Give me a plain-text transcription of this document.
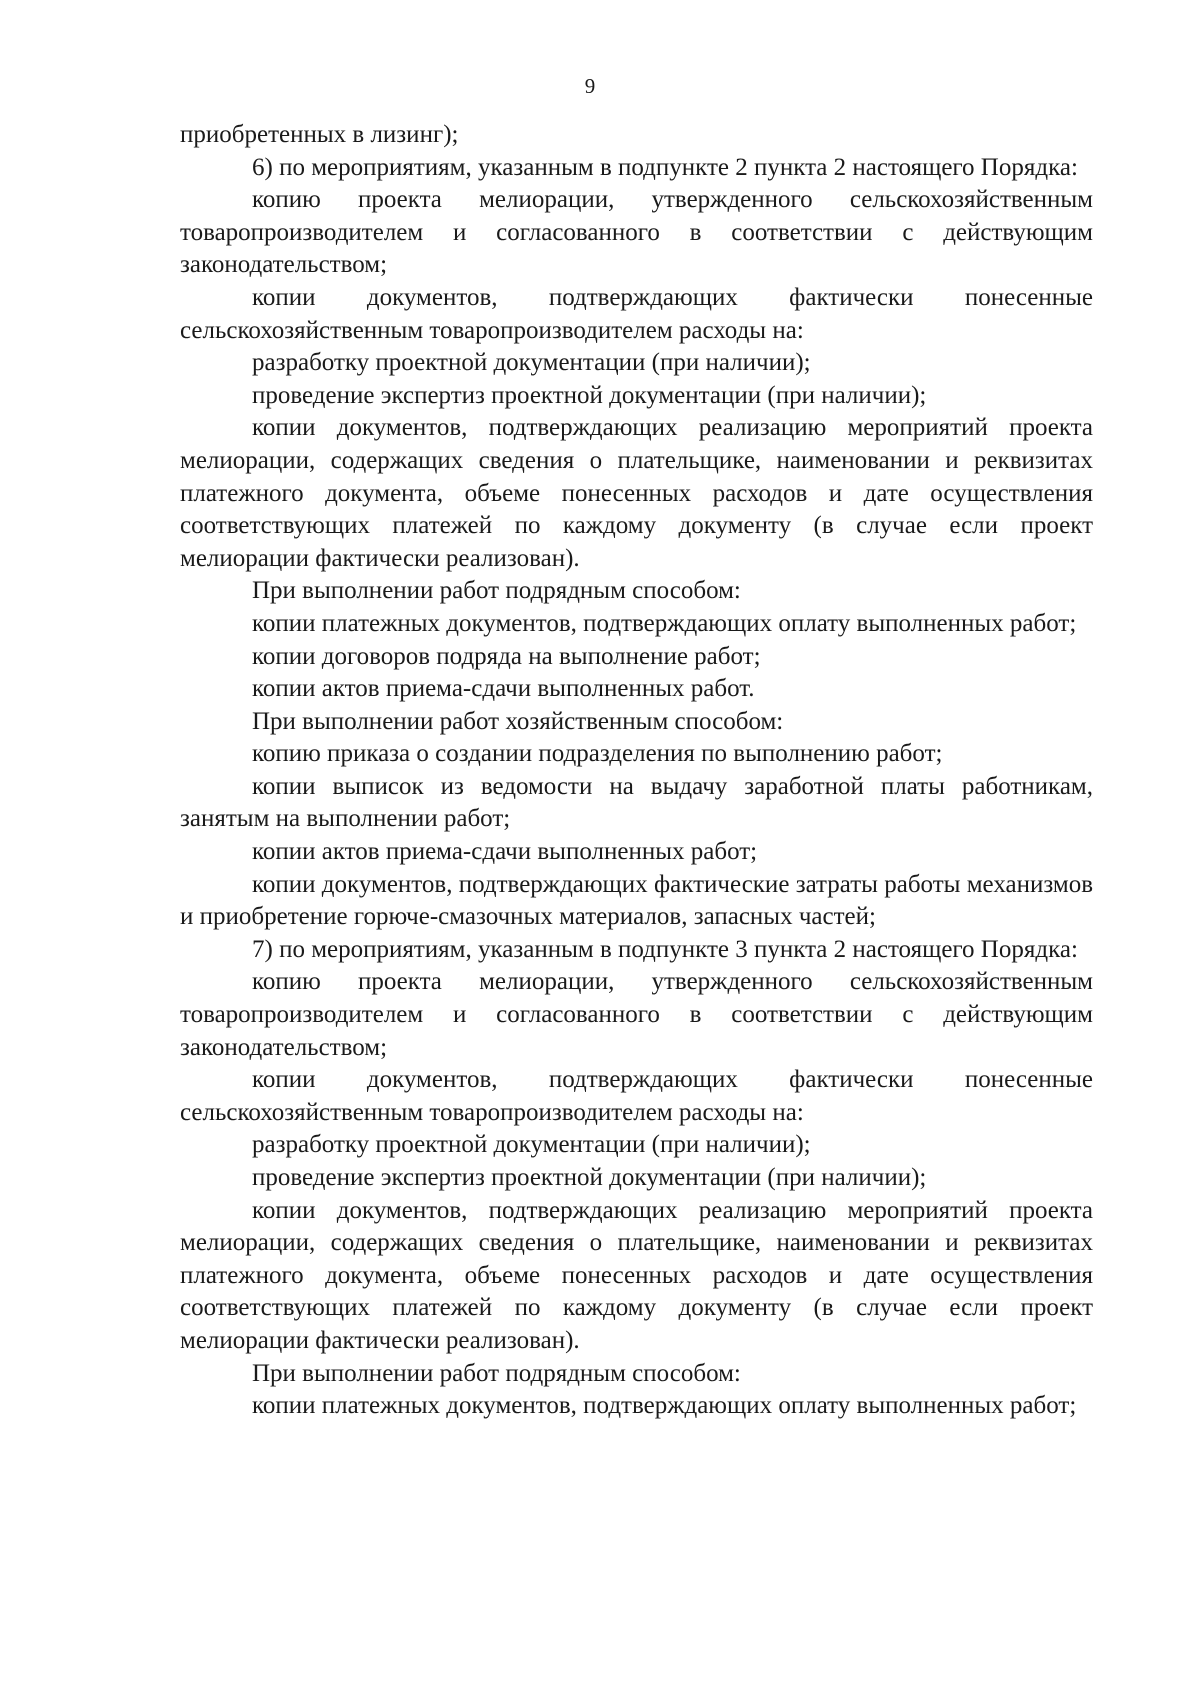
9

приобретенных в лизинг);

6) по мероприятиям, указанным в подпункте 2 пункта 2 настоящего Порядка:

копию проекта мелиорации, утвержденного сельскохозяйственным товаропроизводителем и согласованного в соответствии с действующим законодательством;

копии документов, подтверждающих фактически понесенные сельскохозяйственным товаропроизводителем расходы на:

разработку проектной документации (при наличии);

проведение экспертиз проектной документации (при наличии);

копии документов, подтверждающих реализацию мероприятий проекта мелиорации, содержащих сведения о плательщике, наименовании и реквизитах платежного документа, объеме понесенных расходов и дате осуществления соответствующих платежей по каждому документу (в случае если проект мелиорации фактически реализован).

При выполнении работ подрядным способом:

копии платежных документов, подтверждающих оплату выполненных работ;

копии договоров подряда на выполнение работ;

копии актов приема-сдачи выполненных работ.

При выполнении работ хозяйственным способом:

копию приказа о создании подразделения по выполнению работ;

копии выписок из ведомости на выдачу заработной платы работникам, занятым на выполнении работ;

копии актов приема-сдачи выполненных работ;

копии документов, подтверждающих фактические затраты работы механизмов и приобретение горюче-смазочных материалов, запасных частей;

7) по мероприятиям, указанным в подпункте 3 пункта 2 настоящего Порядка:

копию проекта мелиорации, утвержденного сельскохозяйственным товаропроизводителем и согласованного в соответствии с действующим законодательством;

копии документов, подтверждающих фактически понесенные сельскохозяйственным товаропроизводителем расходы на:

разработку проектной документации (при наличии);

проведение экспертиз проектной документации (при наличии);

копии документов, подтверждающих реализацию мероприятий проекта мелиорации, содержащих сведения о плательщике, наименовании и реквизитах платежного документа, объеме понесенных расходов и дате осуществления соответствующих платежей по каждому документу (в случае если проект мелиорации фактически реализован).

При выполнении работ подрядным способом:

копии платежных документов, подтверждающих оплату выполненных работ;
